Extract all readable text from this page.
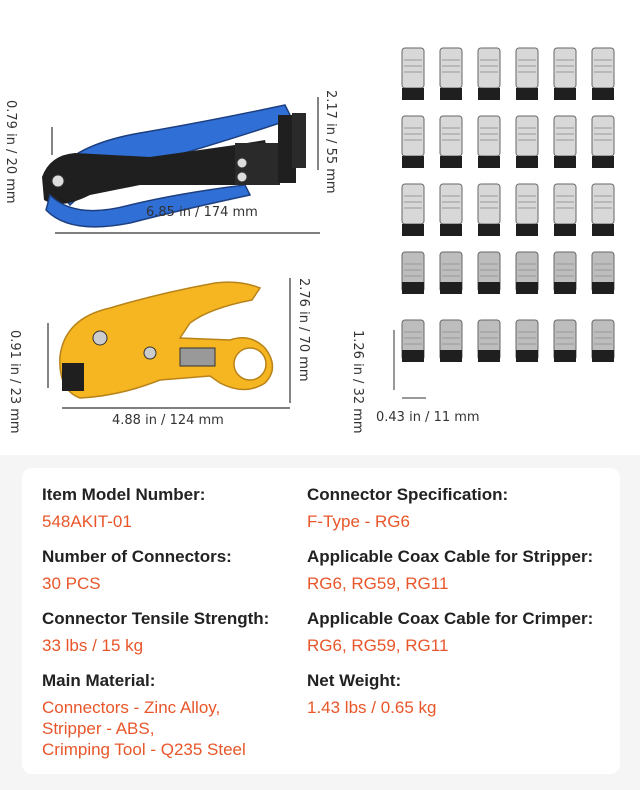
0.79 in / 20 mm	2.17 in / 55 mm
6.85 in / 174 mm
0.91 in / 23 mm
2.76 in / 70 mm
4.88 in / 124 mm	1.26 in / 32 mm 0.43 in / 11 mm
Item Model Number:
548AKIT-01
Number of Connectors:
30 PCS
Connector Tensile Strength:
33 lbs / 15 kg
Main Material:
Connectors - Zinc Alloy,
Stripper - ABS,
Crimping Tool - Q235 Steel
Connector Specification:
F-Type - RG6
Applicable Coax Cable for Stripper:
RG6, RG59, RG11
Applicable Coax Cable for Crimper:
RG6, RG59, RG11
Net Weight:
1.43 lbs / 0.65 kg
